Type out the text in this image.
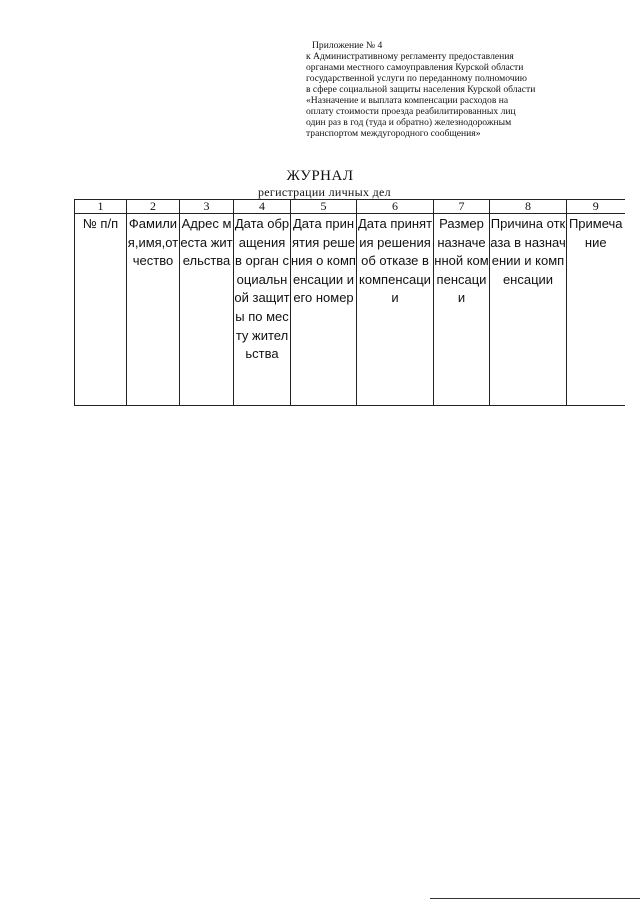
Приложение № 4
к Административному регламенту предоставления
органами местного самоуправления Курской области
государственной услуги по переданному полномочию
в сфере социальной защиты населения Курской области
«Назначение и выплата компенсации расходов на
оплату стоимости проезда реабилитированных лиц
один раз в год (туда и обратно) железнодорожным
транспортом междугородного сообщения»
ЖУРНАЛ
регистрации личных дел
1	2	3	4	5	6	7	8	9
№ п/п	Фамилия,имя,отчество	Адрес места жительства	Дата обращения в орган социальной защиты по месту жительства	Дата принятия решения о компенсации и его номер	Дата принятия решения об отказе в компенсации	Размер назначенной компенсации	Причина отказа в назначении и компенсации	Примечание
